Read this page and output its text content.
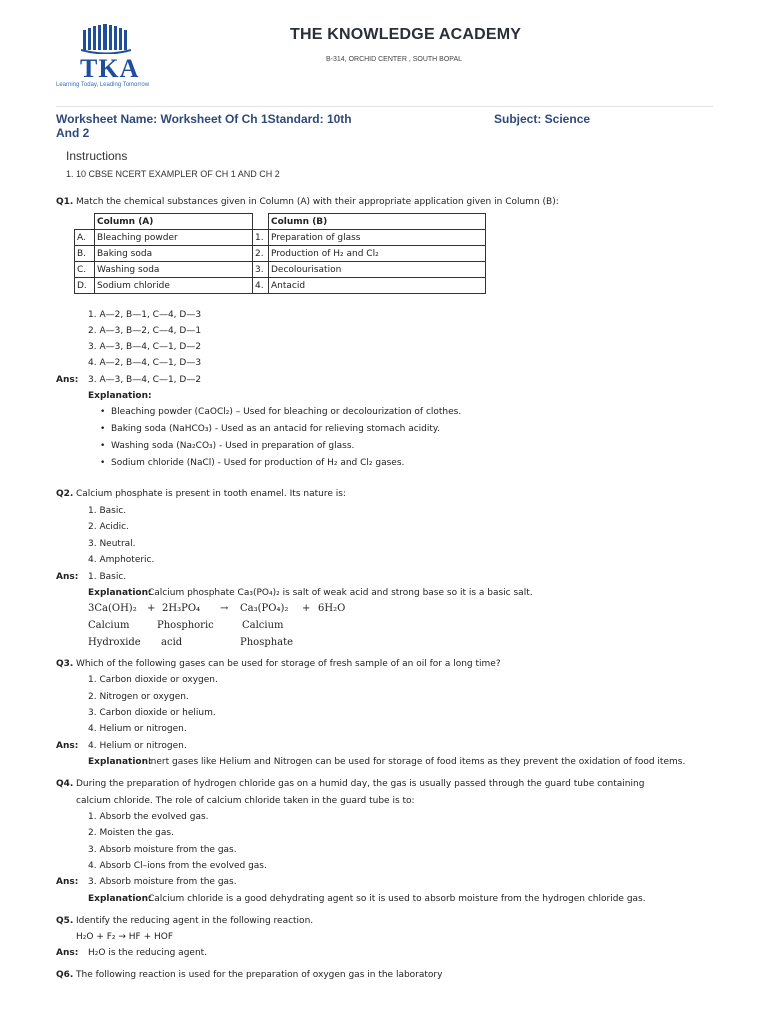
TKA
Learning Today, Leading Tomorrow
THE KNOWLEDGE ACADEMY
B-314, ORCHID CENTER , SOUTH BOPAL
Worksheet Name: Worksheet Of Ch 1Standard: 10th
And 2
Subject: Science
Instructions
1. 10 CBSE NCERT EXAMPLER OF CH 1 AND CH 2
Q1. Match the chemical substances given in Column (A) with their appropriate application given in Column (B):
	Column (A)		Column (B)
A.	Bleaching powder	1.	Preparation of glass
B.	Baking soda	2.	Production of H₂ and Cl₂
C.	Washing soda	3.	Decolourisation
D.	Sodium chloride	4.	Antacid
1. A—2, B—1, C—4, D—3
2. A—3, B—2, C—4, D—1
3. A—3, B—4, C—1, D—2
4. A—2, B—4, C—1, D—3
Ans: 3. A—3, B—4, C—1, D—2
Explanation:
• Bleaching powder (CaOCl₂) – Used for bleaching or decolourization of clothes.
• Baking soda (NaHCO₃) - Used as an antacid for relieving stomach acidity.
• Washing soda (Na₂CO₃) - Used in preparation of glass.
• Sodium chloride (NaCl) - Used for production of H₂ and Cl₂ gases.
Q2. Calcium phosphate is present in tooth enamel. Its nature is:
1. Basic.
2. Acidic.
3. Neutral.
4. Amphoteric.
Ans: 1. Basic.
Explanation:
Calcium phosphate Ca₃(PO₄)₂ is salt of weak acid and strong base so it is a basic salt.
3Ca(OH)₂ + 2H₃PO₄ → Ca₃(PO₄)₂ + 6H₂O
Calcium
Hydroxide
Phosphoric
acid
Calcium
Phosphate
Q3. Which of the following gases can be used for storage of fresh sample of an oil for a long time?
1. Carbon dioxide or oxygen.
2. Nitrogen or oxygen.
3. Carbon dioxide or helium.
4. Helium or nitrogen.
Ans: 4. Helium or nitrogen.
Explanation:
Inert gases like Helium and Nitrogen can be used for storage of food items as they prevent the oxidation of food items.
Q4. During the preparation of hydrogen chloride gas on a humid day, the gas is usually passed through the guard tube containing
calcium chloride. The role of calcium chloride taken in the guard tube is to:
1. Absorb the evolved gas.
2. Moisten the gas.
3. Absorb moisture from the gas.
4. Absorb Cl–ions from the evolved gas.
Ans: 3. Absorb moisture from the gas.
Explanation:
Calcium chloride is a good dehydrating agent so it is used to absorb moisture from the hydrogen chloride gas.
Q5. Identify the reducing agent in the following reaction.
H₂O + F₂ → HF + HOF
Ans: H₂O is the reducing agent.
Q6. The following reaction is used for the preparation of oxygen gas in the laboratory
